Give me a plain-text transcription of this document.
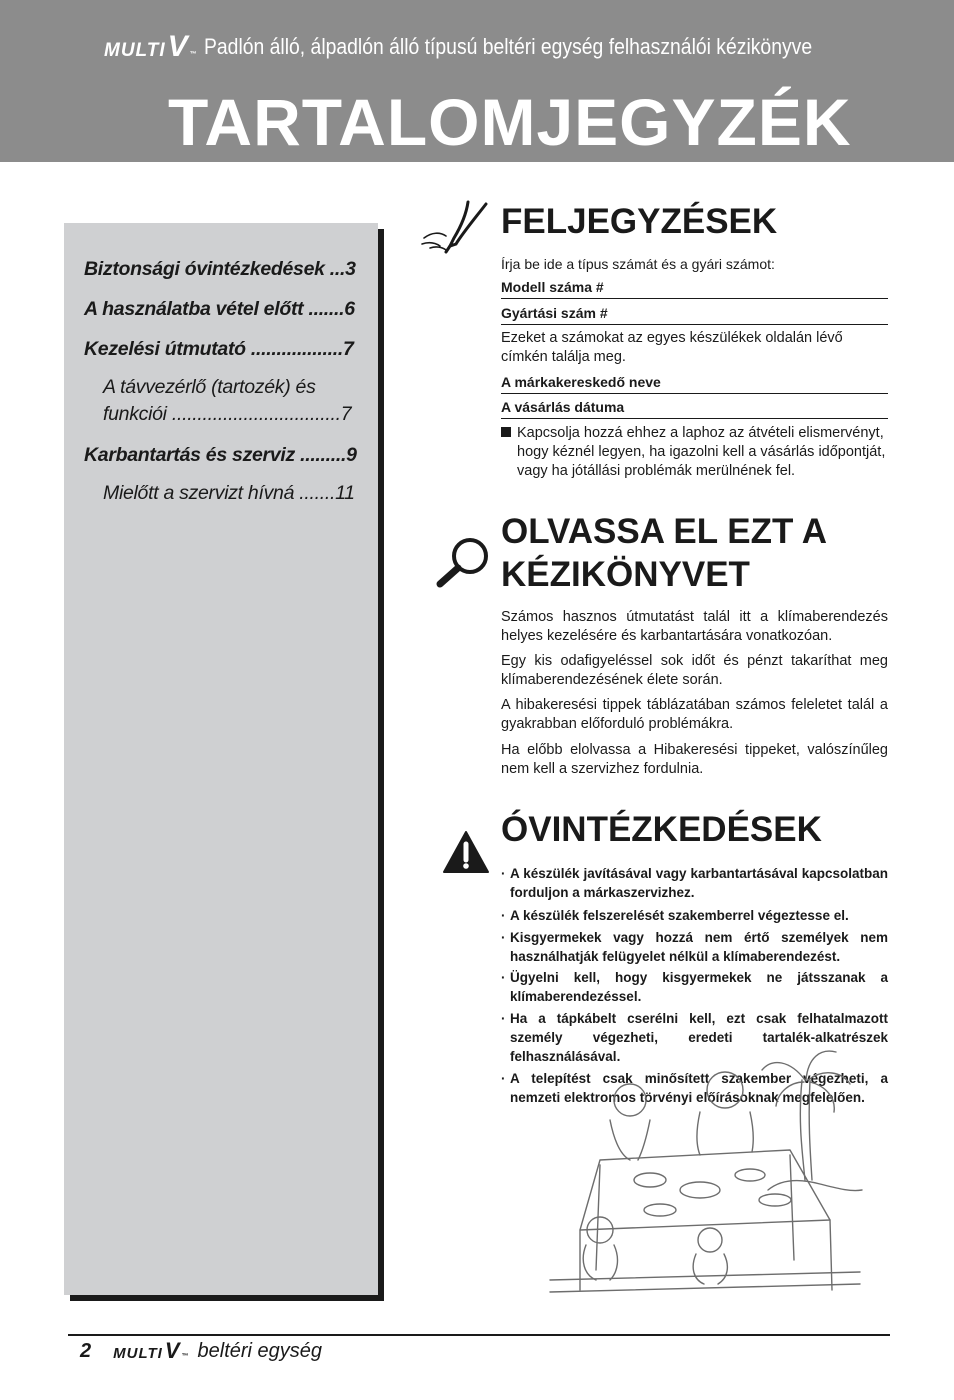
MULTI V ™ Padlón álló, álpadlón álló típusú beltéri egység felhasználói kézikönyve
TARTALOMJEGYZÉK
Biztonsági óvintézkedések ...3
A használatba vétel előtt .......6
Kezelési útmutató ..................7
A távvezérlő (tartozék) és funkciói .................................7
Karbantartás és szerviz .........9
Mielőtt a szervizt hívná .......11
FELJEGYZÉSEK
Írja be ide a típus számát és a gyári számot:
Modell száma #
Gyártási szám #
Ezeket a számokat az egyes készülékek oldalán lévő címkén találja meg.
A márkakereskedő neve
A vásárlás dátuma
Kapcsolja hozzá ehhez a laphoz az átvételi elismervényt, hogy kéznél legyen, ha igazolni kell a vásárlás időpontját, vagy ha jótállási problémák merülnének fel.
OLVASSA EL EZT A
KÉZIKÖNYVET
Számos hasznos útmutatást talál itt a klímaberendezés helyes kezelésére és karbantartására vonatkozóan.
Egy kis odafigyeléssel sok időt és pénzt takaríthat meg klímaberendezésének élete során.
A hibakeresési tippek táblázatában számos feleletet talál a gyakrabban előforduló problémákra.
Ha előbb elolvassa a Hibakeresési tippeket, valószínűleg nem kell a szervizhez fordulnia.
ÓVINTÉZKEDÉSEK
· A készülék javításával vagy karbantartásával kapcsolatban forduljon a márkaszervizhez.
· A készülék felszerelését szakemberrel végeztesse el.
· Kisgyermekek vagy hozzá nem értő személyek nem használhatják felügyelet nélkül a klímaberendezést.
· Ügyelni kell, hogy kisgyermekek ne játsszanak a klímaberendezéssel.
· Ha a tápkábelt cserélni kell, ezt csak felhatalmazott személy végezheti, eredeti tartalék-alkatrészek felhasználásával.
· A telepítést csak minősített szakember végezheti, a nemzeti elektromos törvényi előírásoknak megfelelően.
2 MULTI V ™ beltéri egység
